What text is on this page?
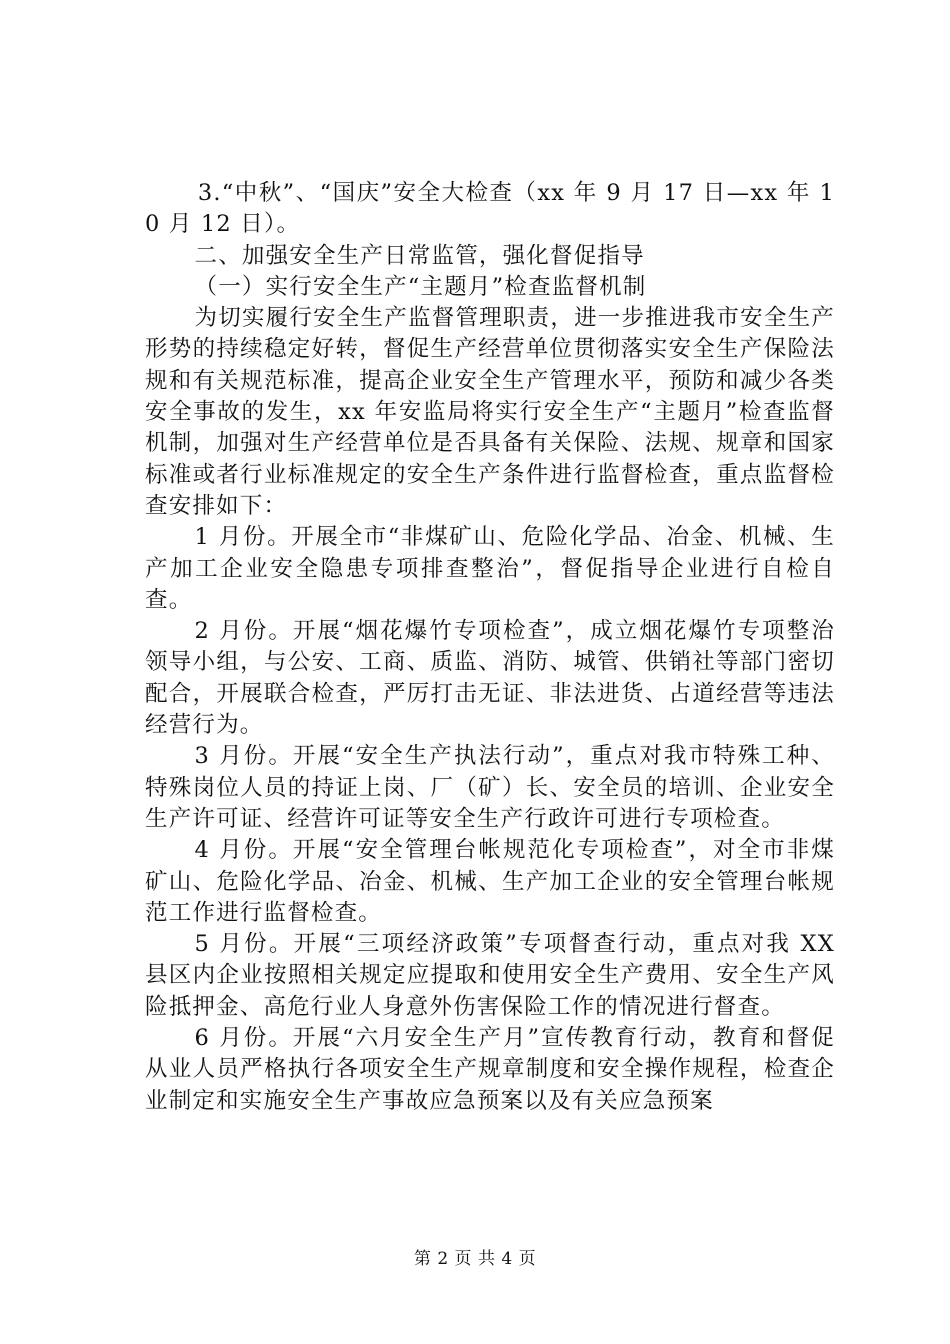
3.“中秋”、“国庆”安全大检查（xx 年 9 月 17 日—xx 年 10 月 12 日）。

二、加强安全生产日常监管，强化督促指导

（一）实行安全生产“主题月”检查监督机制

为切实履行安全生产监督管理职责，进一步推进我市安全生产形势的持续稳定好转，督促生产经营单位贯彻落实安全生产保险法规和有关规范标准，提高企业安全生产管理水平，预防和减少各类安全事故的发生，xx 年安监局将实行安全生产“主题月”检查监督机制，加强对生产经营单位是否具备有关保险、法规、规章和国家标准或者行业标准规定的安全生产条件进行监督检查，重点监督检查安排如下：

1 月份。开展全市“非煤矿山、危险化学品、冶金、机械、生产加工企业安全隐患专项排查整治”，督促指导企业进行自检自查。

2 月份。开展“烟花爆竹专项检查”，成立烟花爆竹专项整治领导小组，与公安、工商、质监、消防、城管、供销社等部门密切配合，开展联合检查，严厉打击无证、非法进货、占道经营等违法经营行为。

3 月份。开展“安全生产执法行动”，重点对我市特殊工种、特殊岗位人员的持证上岗、厂（矿）长、安全员的培训、企业安全生产许可证、经营许可证等安全生产行政许可进行专项检查。

4 月份。开展“安全管理台帐规范化专项检查”，对全市非煤矿山、危险化学品、冶金、机械、生产加工企业的安全管理台帐规范工作进行监督检查。

5 月份。开展“三项经济政策”专项督查行动，重点对我 XX 县区内企业按照相关规定应提取和使用安全生产费用、安全生产风险抵押金、高危行业人身意外伤害保险工作的情况进行督查。

6 月份。开展“六月安全生产月”宣传教育行动，教育和督促从业人员严格执行各项安全生产规章制度和安全操作规程，检查企业制定和实施安全生产事故应急预案以及有关应急预案

第 2 页 共 4 页
